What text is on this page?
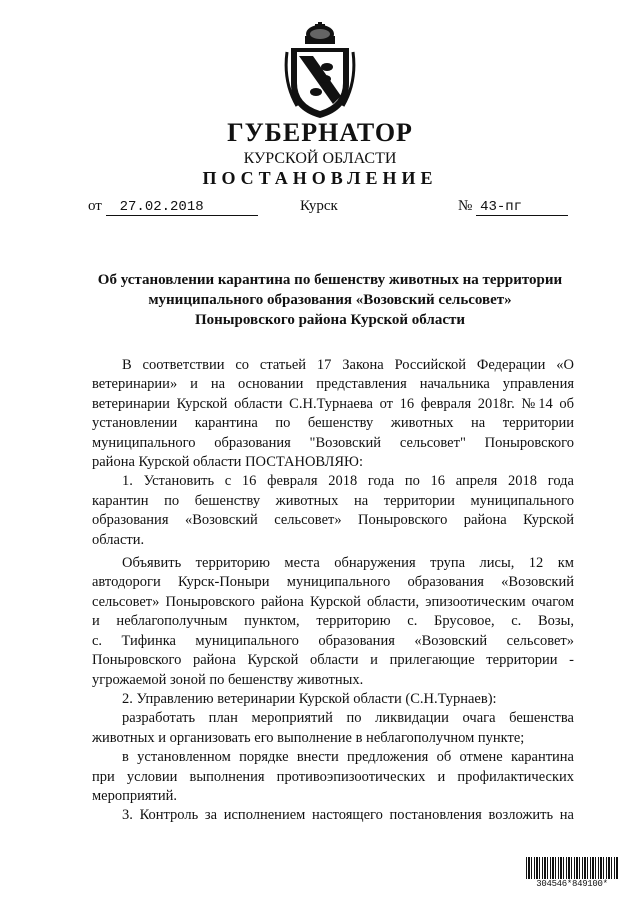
ГУБЕРНАТОР
КУРСКОЙ ОБЛАСТИ
ПОСТАНОВЛЕНИЕ
от 27.02.2018	Курск	№ 43-пг
Об установлении карантина по бешенству животных на территории
муниципального образования «Возовский сельсовет»
Поныровского района Курской области

В соответствии со статьей 17 Закона Российской Федерации «О

ветеринарии» и на основании представления начальника управления

ветеринарии Курской области С.Н.Турнаева от 16 февраля 2018г. №14 об

установлении карантина по бешенству животных на территории

муниципального образования "Возовский сельсовет" Поныровского

района Курской области ПОСТАНОВЛЯЮ:

1. Установить с 16 февраля 2018 года по 16 апреля 2018 года

карантин по бешенству животных на территории муниципального

образования «Возовский сельсовет» Поныровского района Курской

области.

Объявить территорию места обнаружения трупа лисы, 12 км

автодороги Курск-Поныри муниципального образования «Возовский

сельсовет» Поныровского района Курской области, эпизоотическим очагом

и неблагополучным пунктом, территорию с. Брусовое, с. Возы,

с. Тифинка муниципального образования «Возовский сельсовет»

Поныровского района Курской области и прилегающие территории -

угрожаемой зоной по бешенству животных.

2. Управлению ветеринарии Курской области (С.Н.Турнаев):

разработать план мероприятий по ликвидации очага бешенства

животных и организовать его выполнение в неблагополучном пункте;

в установленном порядке внести предложения об отмене карантина

при условии выполнения противоэпизоотических и профилактических

мероприятий.

3. Контроль за исполнением настоящего постановления возложить на

304546*849100*
